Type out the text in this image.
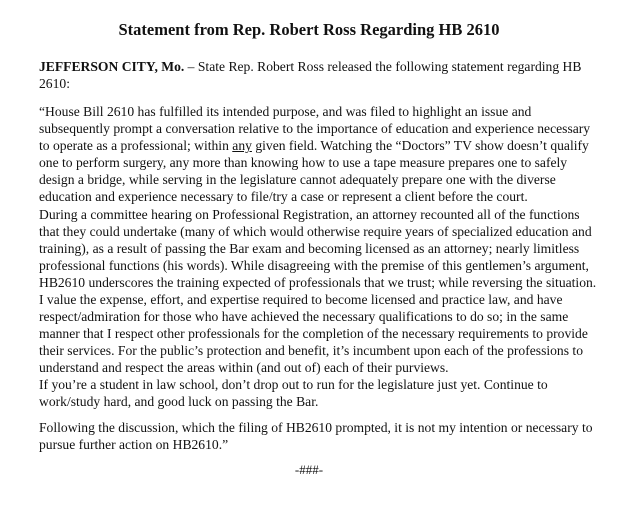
Statement from Rep. Robert Ross Regarding HB 2610

JEFFERSON CITY, Mo. – State Rep. Robert Ross released the following statement regarding HB 2610:

“House Bill 2610 has fulfilled its intended purpose, and was filed to highlight an issue and subsequently prompt a conversation relative to the importance of education and experience necessary to operate as a professional; within any given field. Watching the “Doctors” TV show doesn’t qualify one to perform surgery, any more than knowing how to use a tape measure prepares one to safely design a bridge, while serving in the legislature cannot adequately prepare one with the diverse education and experience necessary to file/try a case or represent a client before the court.

During a committee hearing on Professional Registration, an attorney recounted all of the functions that they could undertake (many of which would otherwise require years of specialized education and training), as a result of passing the Bar exam and becoming licensed as an attorney; nearly limitless professional functions (his words). While disagreeing with the premise of this gentlemen’s argument, HB2610 underscores the training expected of professionals that we trust; while reversing the situation.

I value the expense, effort, and expertise required to become licensed and practice law, and have respect/admiration for those who have achieved the necessary qualifications to do so; in the same manner that I respect other professionals for the completion of the necessary requirements to provide their services. For the public’s protection and benefit, it’s incumbent upon each of the professions to understand and respect the areas within (and out of) each of their purviews.

If you’re a student in law school, don’t drop out to run for the legislature just yet. Continue to work/study hard, and good luck on passing the Bar.

Following the discussion, which the filing of HB2610 prompted, it is not my intention or necessary to pursue further action on HB2610.”

-###-
